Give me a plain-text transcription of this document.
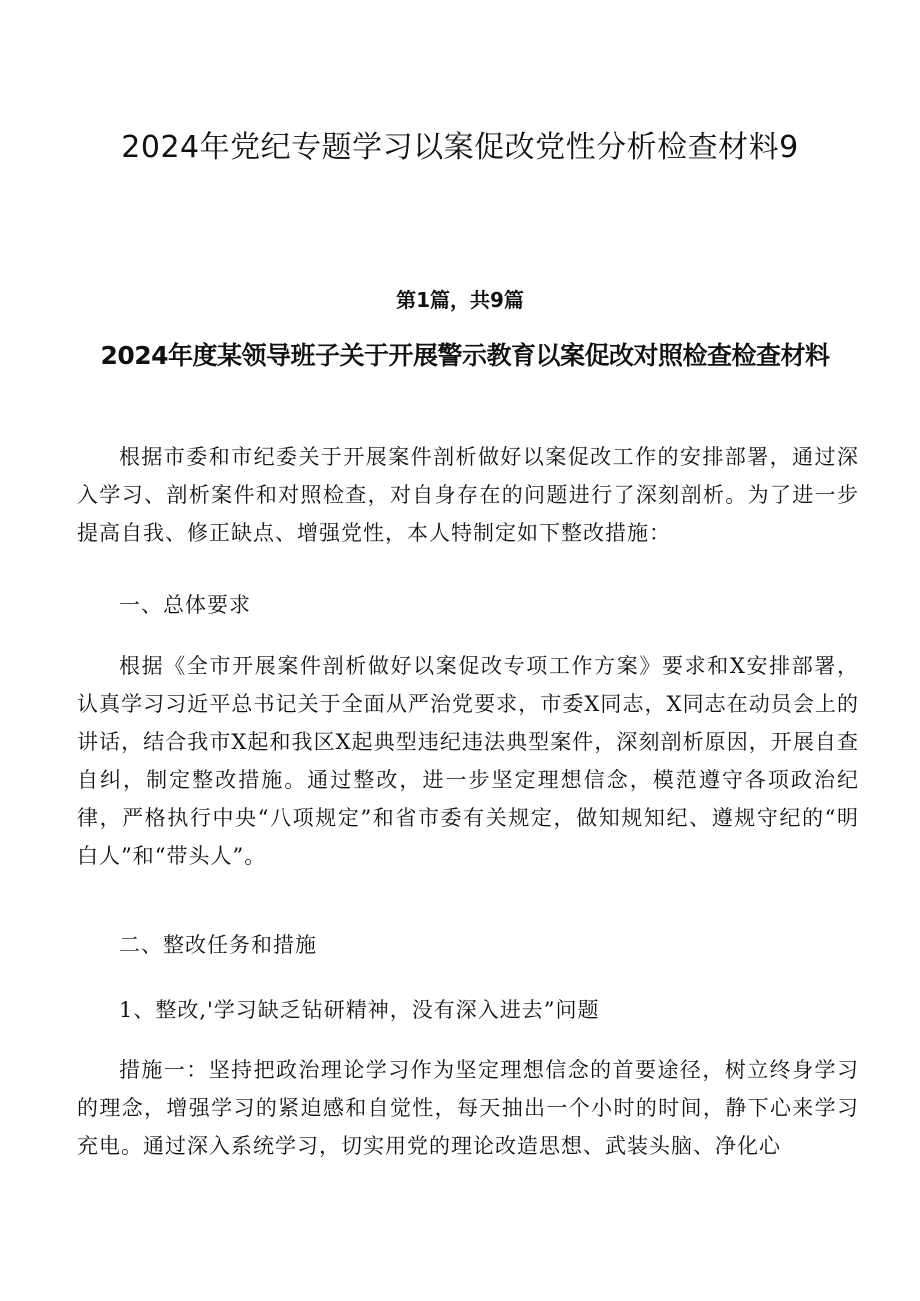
2024年党纪专题学习以案促改党性分析检查材料9

第1篇，共9篇

2024年度某领导班子关于开展警示教育以案促改对照检查检查材料

根据市委和市纪委关于开展案件剖析做好以案促改工作的安排部署，通过深入学习、剖析案件和对照检查，对自身存在的问题进行了深刻剖析。为了进一步提高自我、修正缺点、增强党性，本人特制定如下整改措施：

一、总体要求

根据《全市开展案件剖析做好以案促改专项工作方案》要求和X安排部署，认真学习习近平总书记关于全面从严治党要求，市委X同志，X同志在动员会上的讲话，结合我市X起和我区X起典型违纪违法典型案件，深刻剖析原因，开展自查自纠，制定整改措施。通过整改，进一步坚定理想信念，模范遵守各项政治纪律，严格执行中央“八项规定”和省市委有关规定，做知规知纪、遵规守纪的“明白人”和“带头人”。

二、整改任务和措施

1、整改,'学习缺乏钻研精神，没有深入进去”问题

措施一：坚持把政治理论学习作为坚定理想信念的首要途径，树立终身学习的理念，增强学习的紧迫感和自觉性，每天抽出一个小时的时间，静下心来学习充电。通过深入系统学习，切实用党的理论改造思想、武装头脑、净化心
